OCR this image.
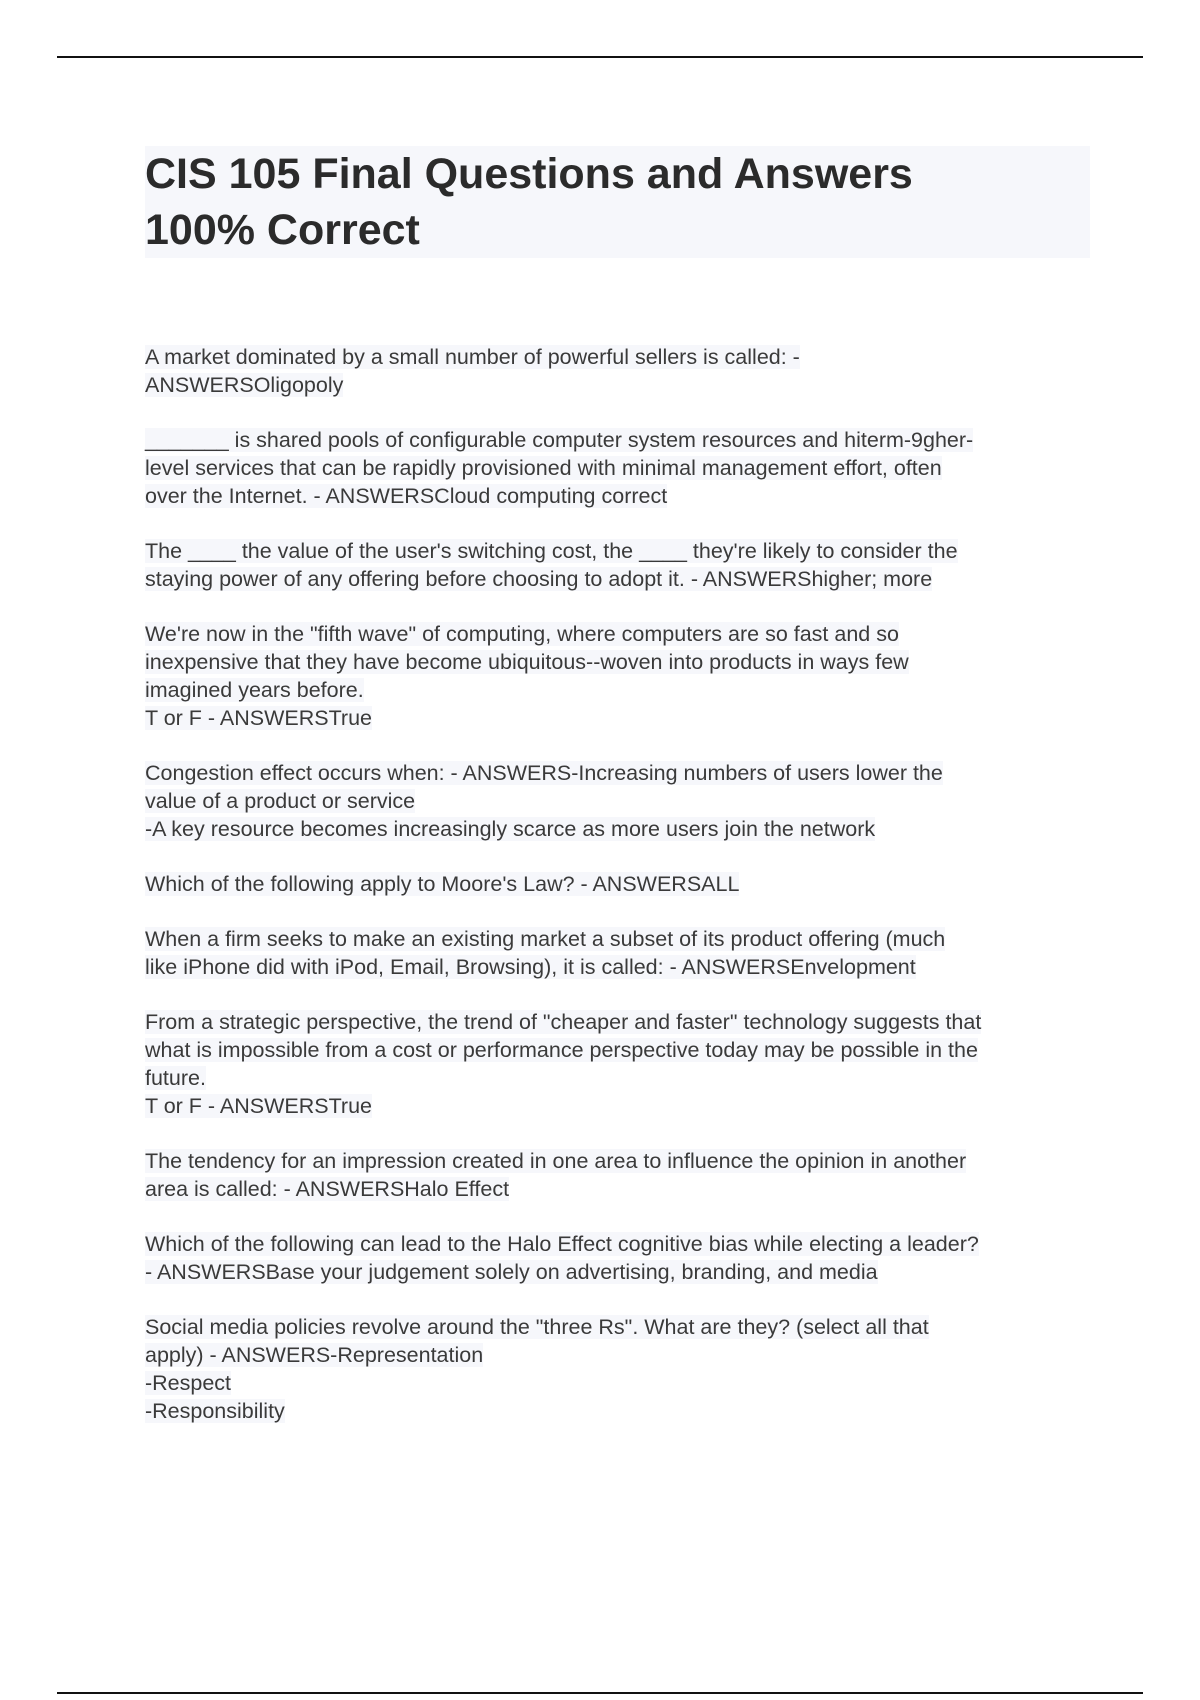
CIS 105 Final Questions and Answers
100% Correct

A market dominated by a small number of powerful sellers is called: -
ANSWERSOligopoly

_______ is shared pools of configurable computer system resources and hiterm-9gher-
level services that can be rapidly provisioned with minimal management effort, often
over the Internet. - ANSWERSCloud computing correct

The ____ the value of the user's switching cost, the ____ they're likely to consider the
staying power of any offering before choosing to adopt it. - ANSWERShigher; more

We're now in the "fifth wave" of computing, where computers are so fast and so
inexpensive that they have become ubiquitous--woven into products in ways few
imagined years before.
T or F - ANSWERSTrue

Congestion effect occurs when: - ANSWERS-Increasing numbers of users lower the
value of a product or service
-A key resource becomes increasingly scarce as more users join the network

Which of the following apply to Moore's Law? - ANSWERSALL

When a firm seeks to make an existing market a subset of its product offering (much
like iPhone did with iPod, Email, Browsing), it is called: - ANSWERSEnvelopment

From a strategic perspective, the trend of "cheaper and faster" technology suggests that
what is impossible from a cost or performance perspective today may be possible in the
future.
T or F - ANSWERSTrue

The tendency for an impression created in one area to influence the opinion in another
area is called: - ANSWERSHalo Effect

Which of the following can lead to the Halo Effect cognitive bias while electing a leader?
- ANSWERSBase your judgement solely on advertising, branding, and media

Social media policies revolve around the "three Rs". What are they? (select all that
apply) - ANSWERS-Representation
-Respect
-Responsibility
